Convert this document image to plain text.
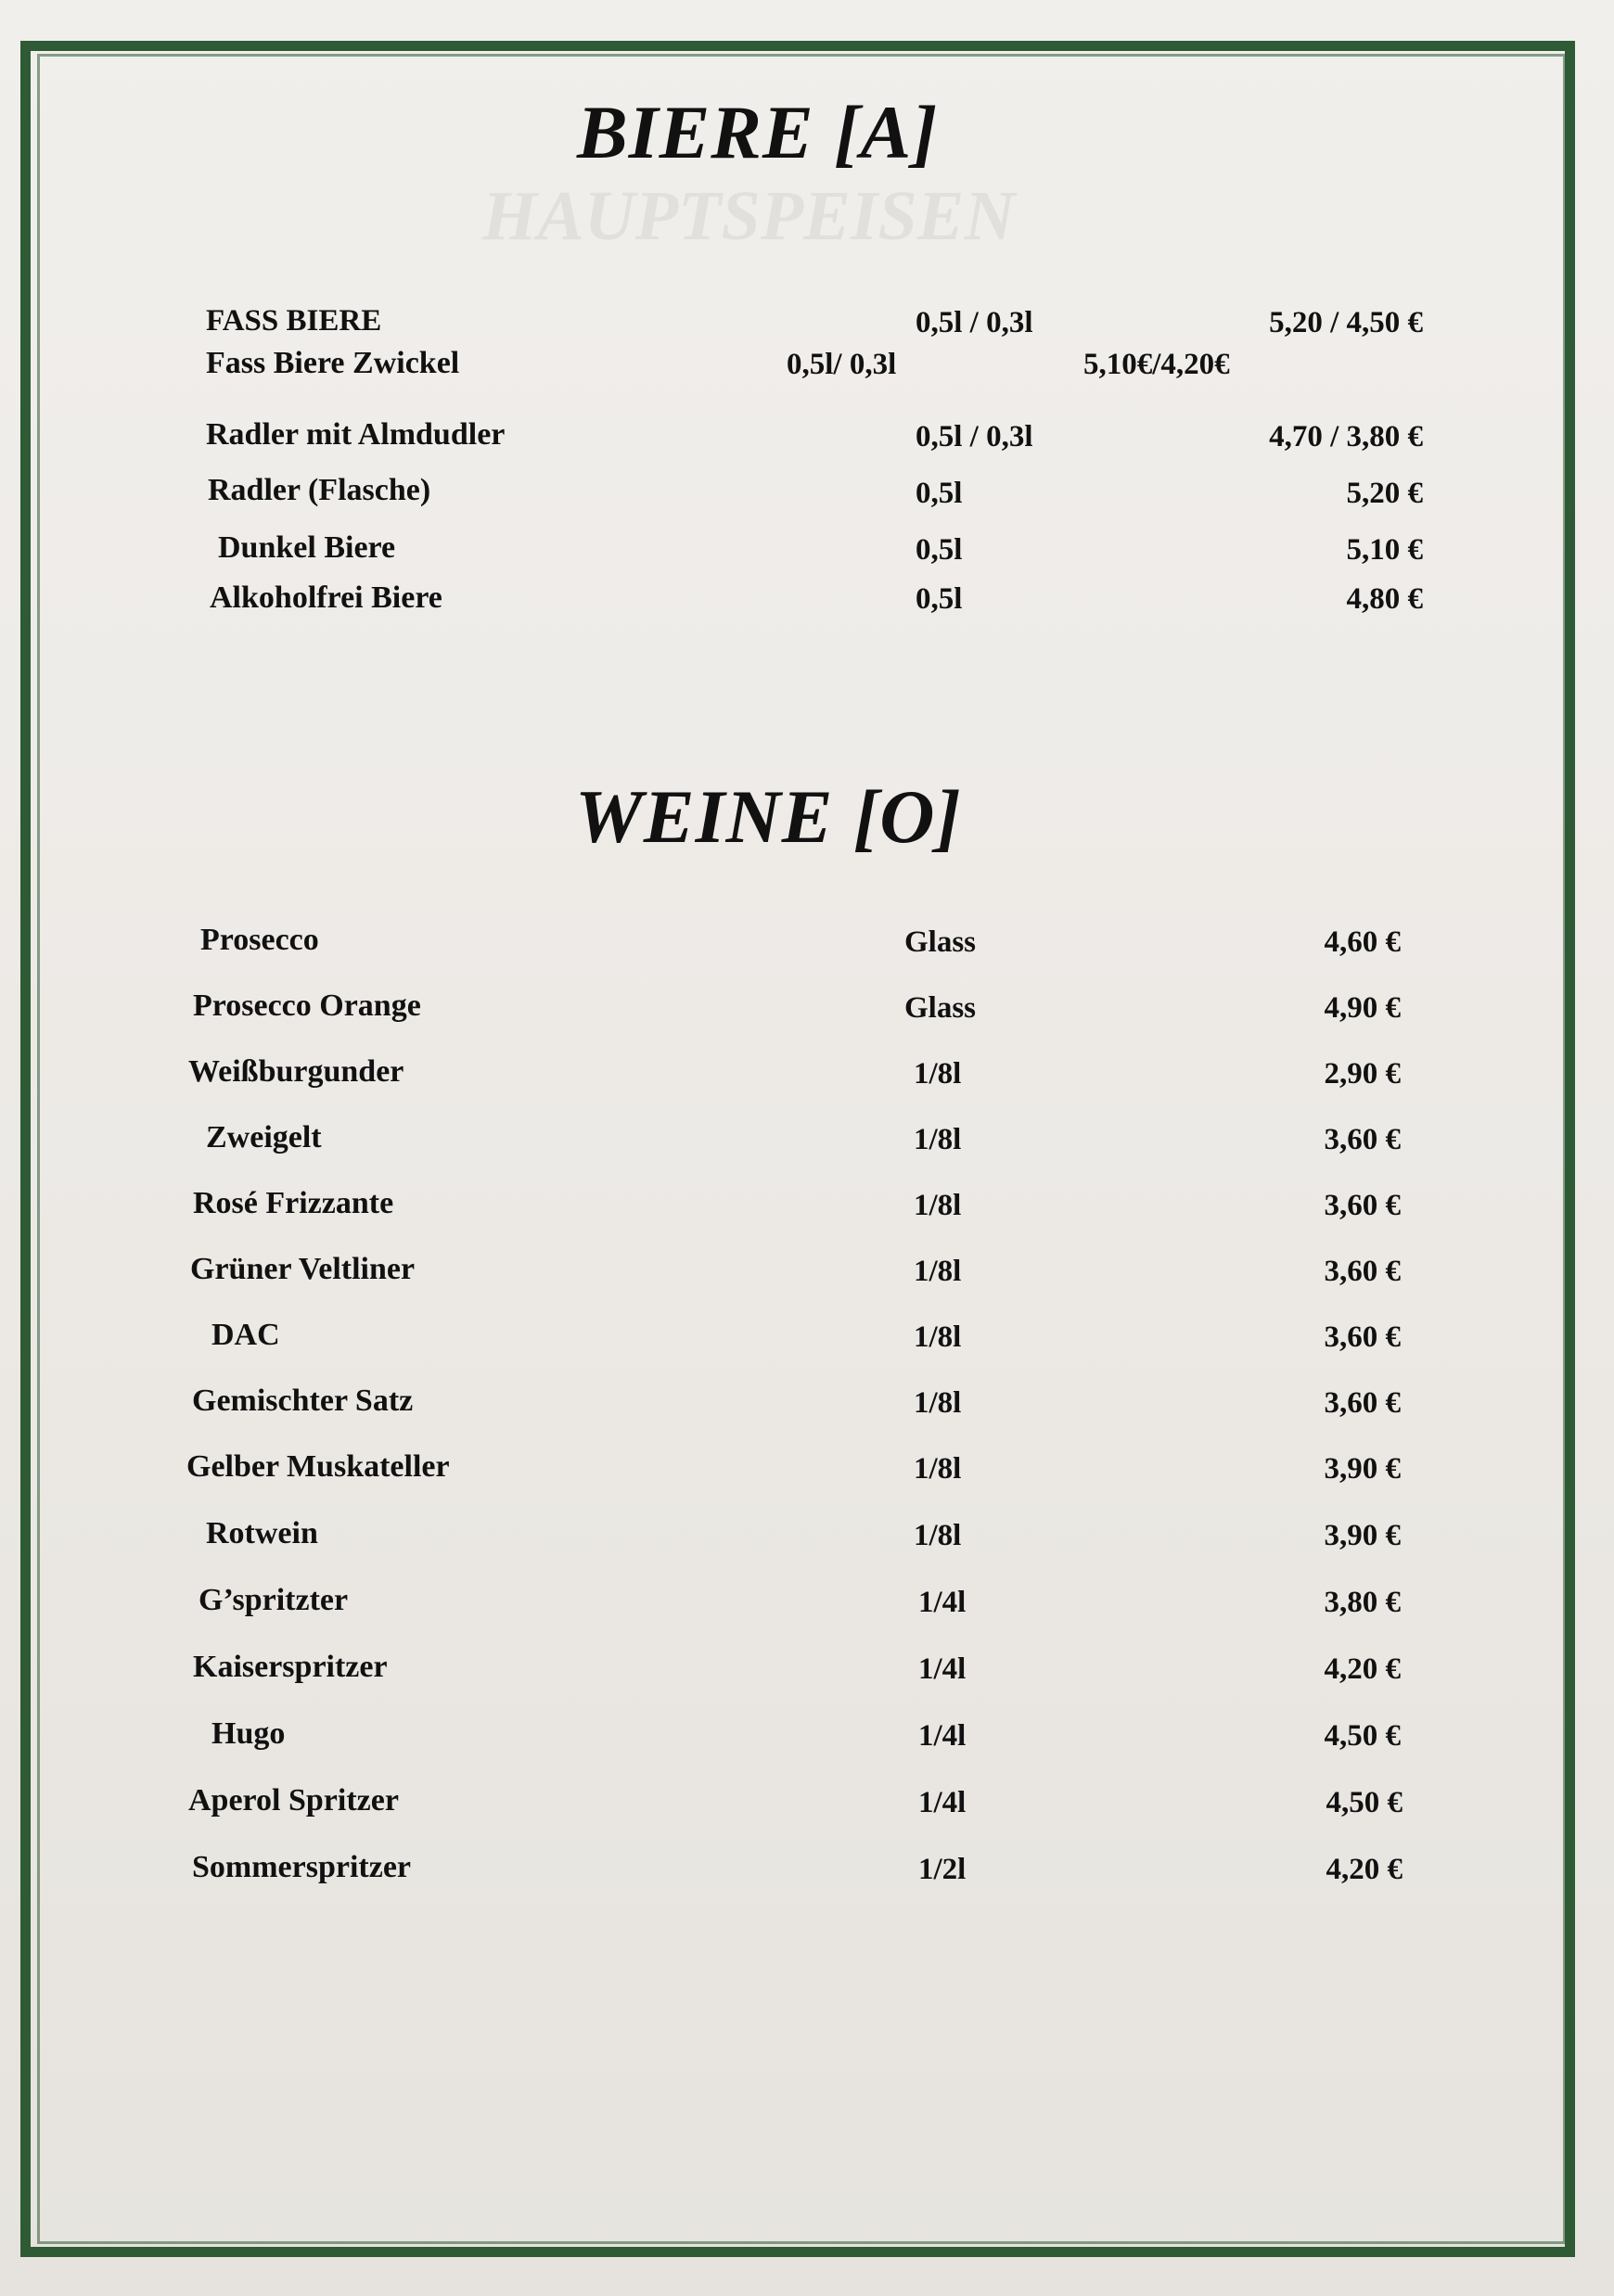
HAUPTSPEISEN
BIERE [A]
FASS BIERE	0,5l / 0,3l	5,20 / 4,50 €
Fass Biere Zwickel	0,5l/ 0,3l	5,10€/4,20€
Radler mit Almdudler	0,5l / 0,3l	4,70 / 3,80 €
Radler (Flasche)	0,5l	5,20 €
Dunkel Biere	0,5l	5,10 €
Alkoholfrei Biere	0,5l	4,80 €
WEINE [O]
Prosecco	Glass	4,60 €
Prosecco Orange	Glass	4,90 €
Weißburgunder	1/8l	2,90 €
Zweigelt	1/8l	3,60 €
Rosé Frizzante	1/8l	3,60 €
Grüner Veltliner	1/8l	3,60 €
DAC	1/8l	3,60 €
Gemischter Satz	1/8l	3,60 €
Gelber Muskateller	1/8l	3,90 €
Rotwein	1/8l	3,90 €
G’spritzter	1/4l	3,80 €
Kaiserspritzer	1/4l	4,20 €
Hugo	1/4l	4,50 €
Aperol Spritzer	1/4l	4,50 €
Sommerspritzer	1/2l	4,20 €
